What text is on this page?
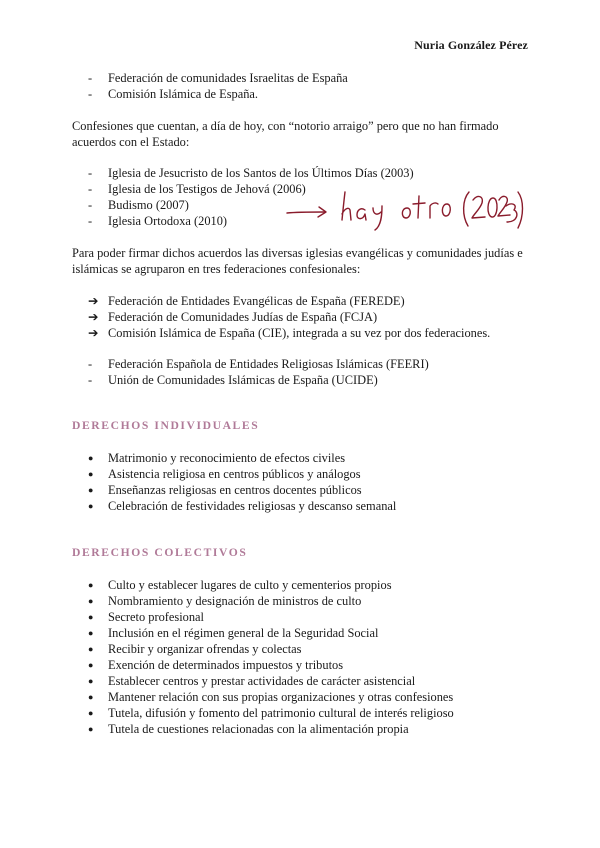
Nuria González Pérez
-	Federación de comunidades Israelitas de España
-	Comisión Islámica de España.

Confesiones que cuentan, a día de hoy, con “notorio arraigo” pero que no han firmado acuerdos con el Estado:

-	Iglesia de Jesucristo de los Santos de los Últimos Días (2003)
-	Iglesia de los Testigos de Jehová (2006)
-	Budismo (2007)
-	Iglesia Ortodoxa (2010)

Para poder firmar dichos acuerdos las diversas iglesias evangélicas y comunidades judías e islámicas se agruparon en tres federaciones confesionales:

➔ Federación de Entidades Evangélicas de España (FEREDE)
➔ Federación de Comunidades Judías de España (FCJA)
➔ Comisión Islámica de España (CIE), integrada a su vez por dos federaciones.
-	Federación Española de Entidades Religiosas Islámicas (FEERI)
-	Unión de Comunidades Islámicas de España (UCIDE)
DERECHOS INDIVIDUALES
●	Matrimonio y reconocimiento de efectos civiles
●	Asistencia religiosa en centros públicos y análogos
●	Enseñanzas religiosas en centros docentes públicos
●	Celebración de festividades religiosas y descanso semanal
DERECHOS COLECTIVOS
●	Culto y establecer lugares de culto y cementerios propios
●	Nombramiento y designación de ministros de culto
●	Secreto profesional
●	Inclusión en el régimen general de la Seguridad Social
●	Recibir y organizar ofrendas y colectas
●	Exención de determinados impuestos y tributos
●	Establecer centros y prestar actividades de carácter asistencial
●	Mantener relación con sus propias organizaciones y otras confesiones
●	Tutela, difusión y fomento del patrimonio cultural de interés religioso
●	Tutela de cuestiones relacionadas con la alimentación propia
